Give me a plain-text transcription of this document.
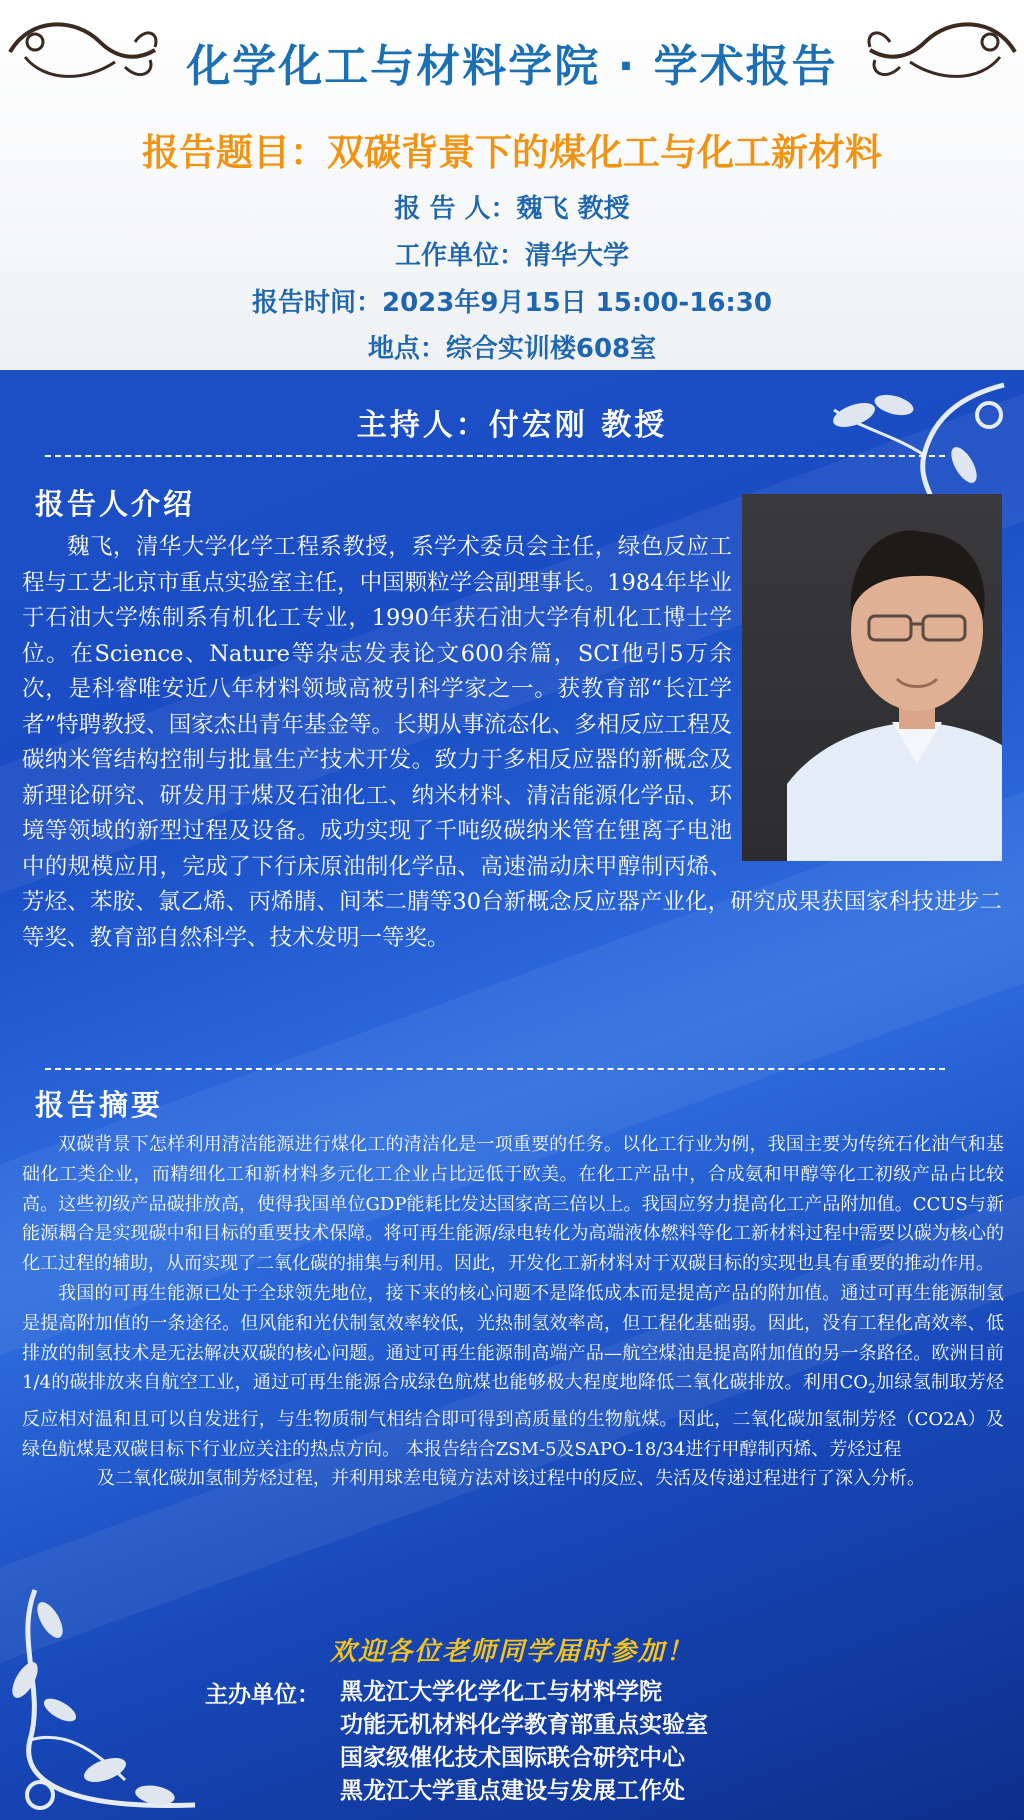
化学化工与材料学院 · 学术报告
报告题目：双碳背景下的煤化工与化工新材料
报 告 人：魏飞 教授
工作单位：清华大学
报告时间：2023年9月15日 15:00-16:30
地点：综合实训楼608室
主持人：付宏刚 教授
报告人介绍
魏飞，清华大学化学工程系教授，系学术委员会主任，绿色反应工程与工艺北京市重点实验室主任，中国颗粒学会副理事长。1984年毕业于石油大学炼制系有机化工专业，1990年获石油大学有机化工博士学位。在Science、Nature等杂志发表论文600余篇，SCI他引5万余次，是科睿唯安近八年材料领域高被引科学家之一。获教育部“长江学者”特聘教授、国家杰出青年基金等。长期从事流态化、多相反应工程及碳纳米管结构控制与批量生产技术开发。致力于多相反应器的新概念及新理论研究、研发用于煤及石油化工、纳米材料、清洁能源化学品、环境等领域的新型过程及设备。成功实现了千吨级碳纳米管在锂离子电池中的规模应用，完成了下行床原油制化学品、高速湍动床甲醇制丙烯、芳烃、苯胺、氯乙烯、丙烯腈、间苯二腈等30台新概念反应器产业化，研究成果获国家科技进步二等奖、教育部自然科学、技术发明一等奖。
报告摘要

双碳背景下怎样利用清洁能源进行煤化工的清洁化是一项重要的任务。以化工行业为例，我国主要为传统石化油气和基础化工类企业，而精细化工和新材料多元化工企业占比远低于欧美。在化工产品中，合成氨和甲醇等化工初级产品占比较高。这些初级产品碳排放高，使得我国单位GDP能耗比发达国家高三倍以上。我国应努力提高化工产品附加值。CCUS与新能源耦合是实现碳中和目标的重要技术保障。将可再生能源/绿电转化为高端液体燃料等化工新材料过程中需要以碳为核心的化工过程的辅助，从而实现了二氧化碳的捕集与利用。因此，开发化工新材料对于双碳目标的实现也具有重要的推动作用。

我国的可再生能源已处于全球领先地位，接下来的核心问题不是降低成本而是提高产品的附加值。通过可再生能源制氢是提高附加值的一条途径。但风能和光伏制氢效率较低，光热制氢效率高，但工程化基础弱。因此，没有工程化高效率、低排放的制氢技术是无法解决双碳的核心问题。通过可再生能源制高端产品—航空煤油是提高附加值的另一条路径。欧洲目前1/4的碳排放来自航空工业，通过可再生能源合成绿色航煤也能够极大程度地降低二氧化碳排放。利用$CO_2$加绿氢制取芳烃反应相对温和且可以自发进行，与生物质制气相结合即可得到高质量的生物航煤。因此，二氧化碳加氢制芳烃（CO2A）及绿色航煤是双碳目标下行业应关注的热点方向。 本报告结合ZSM-5及SAPO-18/34进行甲醇制丙烯、芳烃过程

及二氧化碳加氢制芳烃过程，并利用球差电镜方法对该过程中的反应、失活及传递过程进行了深入分析。

欢迎各位老师同学届时参加！
主办单位： 黑龙江大学化学化工与材料学院
功能无机材料化学教育部重点实验室
国家级催化技术国际联合研究中心
黑龙江大学重点建设与发展工作处
